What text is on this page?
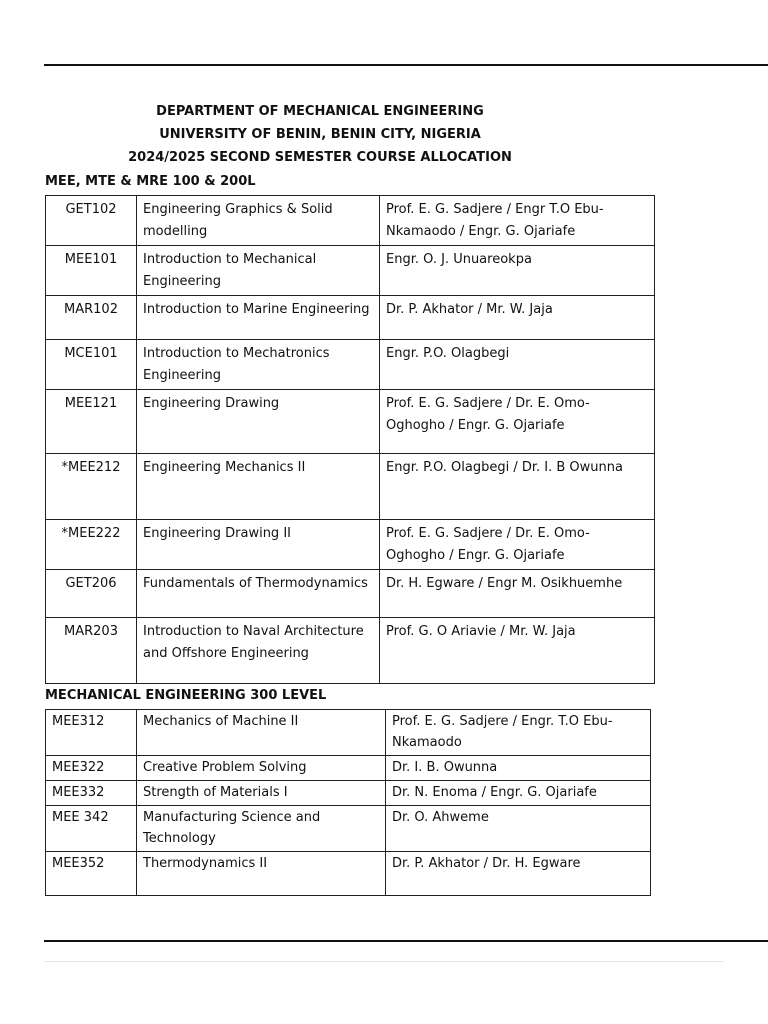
DEPARTMENT OF MECHANICAL ENGINEERING
UNIVERSITY OF BENIN, BENIN CITY, NIGERIA
2024/2025 SECOND SEMESTER COURSE ALLOCATION
MEE, MTE & MRE 100 & 200L
GET102	Engineering Graphics & Solid modelling	Prof. E. G. Sadjere / Engr T.O Ebu-Nkamaodo / Engr. G. Ojariafe
MEE101	Introduction to Mechanical Engineering	Engr. O. J. Unuareokpa
MAR102	Introduction to Marine Engineering	Dr. P. Akhator / Mr. W. Jaja
MCE101	Introduction to Mechatronics Engineering	Engr. P.O. Olagbegi
MEE121	Engineering Drawing	Prof. E. G. Sadjere / Dr. E. Omo-Oghogho / Engr. G. Ojariafe
*MEE212	Engineering Mechanics II	Engr. P.O. Olagbegi / Dr. I. B Owunna
*MEE222	Engineering Drawing II	Prof. E. G. Sadjere / Dr. E. Omo-Oghogho / Engr. G. Ojariafe
GET206	Fundamentals of Thermodynamics	Dr. H. Egware / Engr M. Osikhuemhe
MAR203	Introduction to Naval Architecture and Offshore Engineering	Prof. G. O Ariavie / Mr. W. Jaja
MECHANICAL ENGINEERING 300 LEVEL
MEE312	Mechanics of Machine II	Prof. E. G. Sadjere / Engr. T.O Ebu-Nkamaodo
MEE322	Creative Problem Solving	Dr. I. B. Owunna
MEE332	Strength of Materials I	Dr. N. Enoma / Engr. G. Ojariafe
MEE 342	Manufacturing Science and Technology	Dr. O. Ahweme
MEE352	Thermodynamics II	Dr. P. Akhator / Dr. H. Egware
